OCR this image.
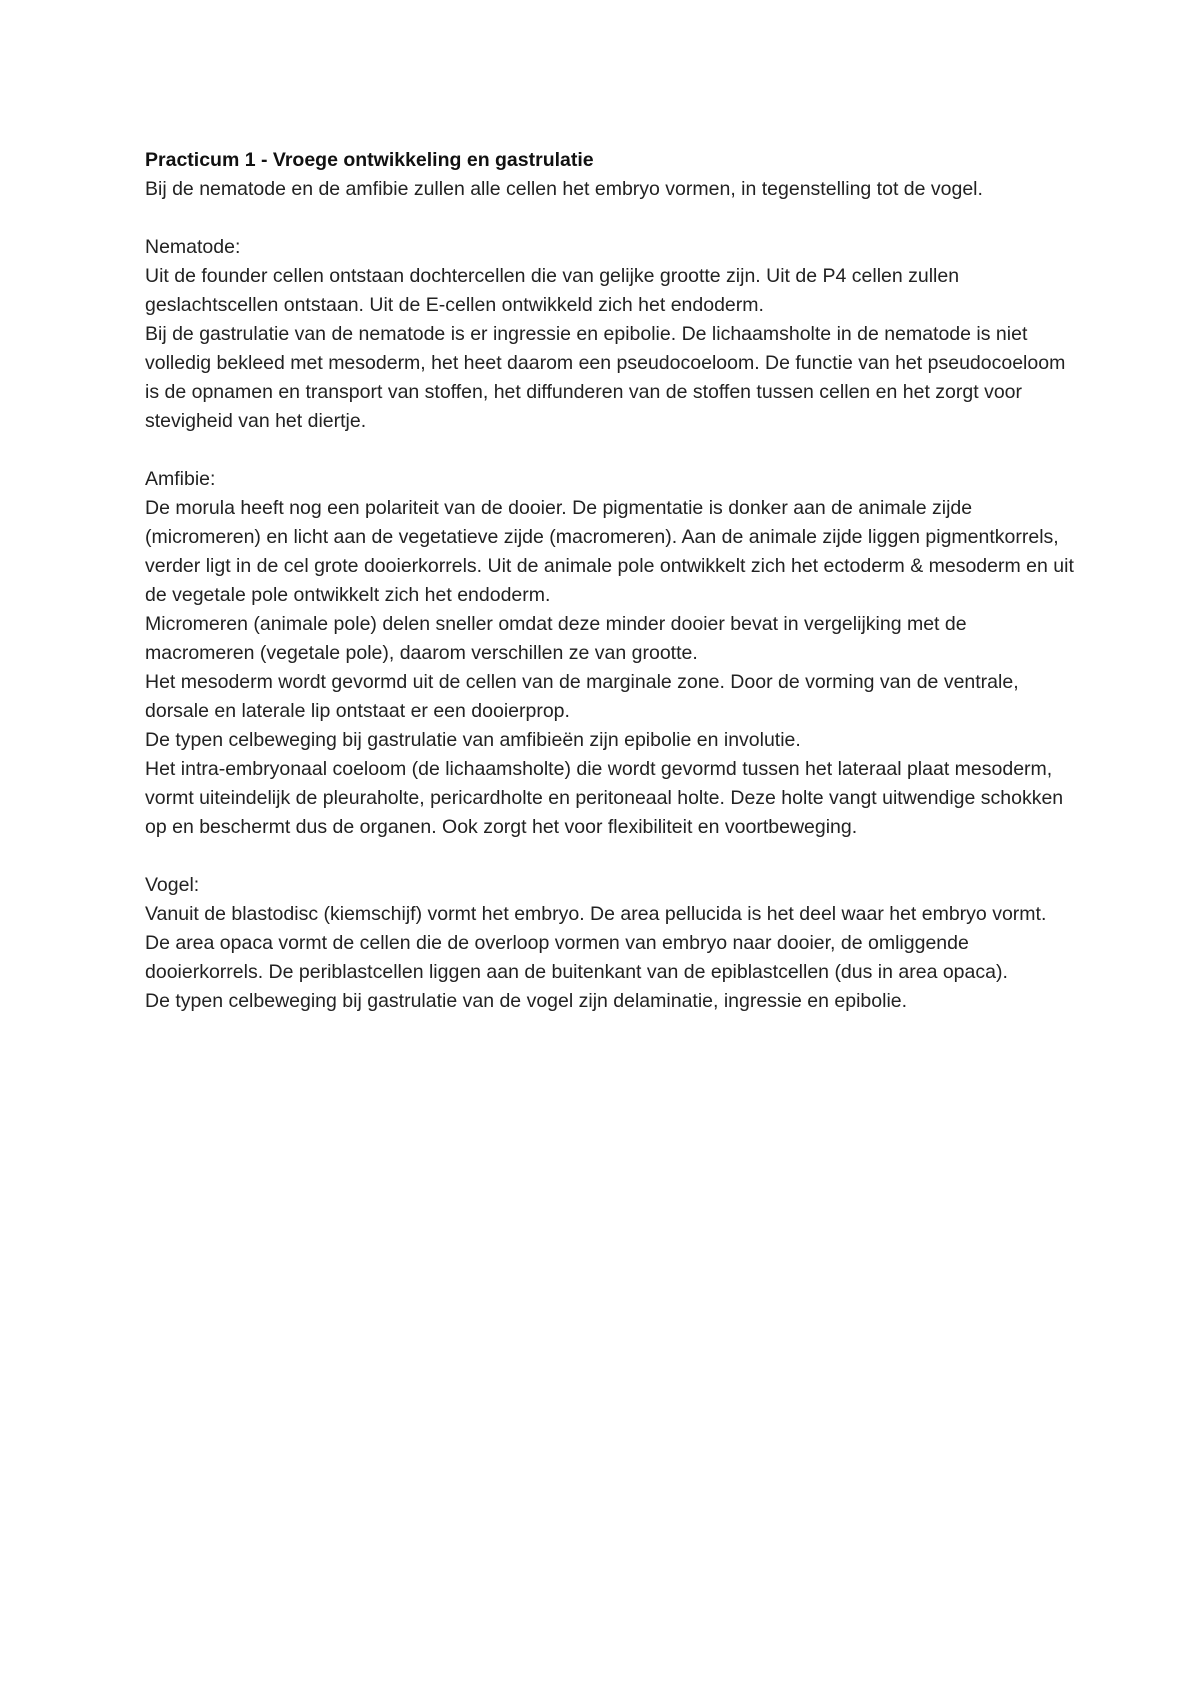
Practicum 1 - Vroege ontwikkeling en gastrulatie

Bij de nematode en de amfibie zullen alle cellen het embryo vormen, in tegenstelling tot de vogel.

Nematode:

Uit de founder cellen ontstaan dochtercellen die van gelijke grootte zijn. Uit de P4 cellen zullen geslachtscellen ontstaan. Uit de E-cellen ontwikkeld zich het endoderm.

Bij de gastrulatie van de nematode is er ingressie en epibolie. De lichaamsholte in de nematode is niet volledig bekleed met mesoderm, het heet daarom een pseudocoeloom. De functie van het pseudocoeloom is de opnamen en transport van stoffen, het diffunderen van de stoffen tussen cellen en het zorgt voor stevigheid van het diertje.

Amfibie:

De morula heeft nog een polariteit van de dooier. De pigmentatie is donker aan de animale zijde (micromeren) en licht aan de vegetatieve zijde (macromeren). Aan de animale zijde liggen pigmentkorrels, verder ligt in de cel grote dooierkorrels. Uit de animale pole ontwikkelt zich het ectoderm & mesoderm en uit de vegetale pole ontwikkelt zich het endoderm.

Micromeren (animale pole) delen sneller omdat deze minder dooier bevat in vergelijking met de macromeren (vegetale pole), daarom verschillen ze van grootte.

Het mesoderm wordt gevormd uit de cellen van de marginale zone. Door de vorming van de ventrale, dorsale en laterale lip ontstaat er een dooierprop.

De typen celbeweging bij gastrulatie van amfibieën zijn epibolie en involutie.

Het intra-embryonaal coeloom (de lichaamsholte) die wordt gevormd tussen het lateraal plaat mesoderm, vormt uiteindelijk de pleuraholte, pericardholte en peritoneaal holte. Deze holte vangt uitwendige schokken op en beschermt dus de organen. Ook zorgt het voor flexibiliteit en voortbeweging.

Vogel:

Vanuit de blastodisc (kiemschijf) vormt het embryo. De area pellucida is het deel waar het embryo vormt. De area opaca vormt de cellen die de overloop vormen van embryo naar dooier, de omliggende dooierkorrels. De periblastcellen liggen aan de buitenkant van de epiblastcellen (dus in area opaca).

De typen celbeweging bij gastrulatie van de vogel zijn delaminatie, ingressie en epibolie.
